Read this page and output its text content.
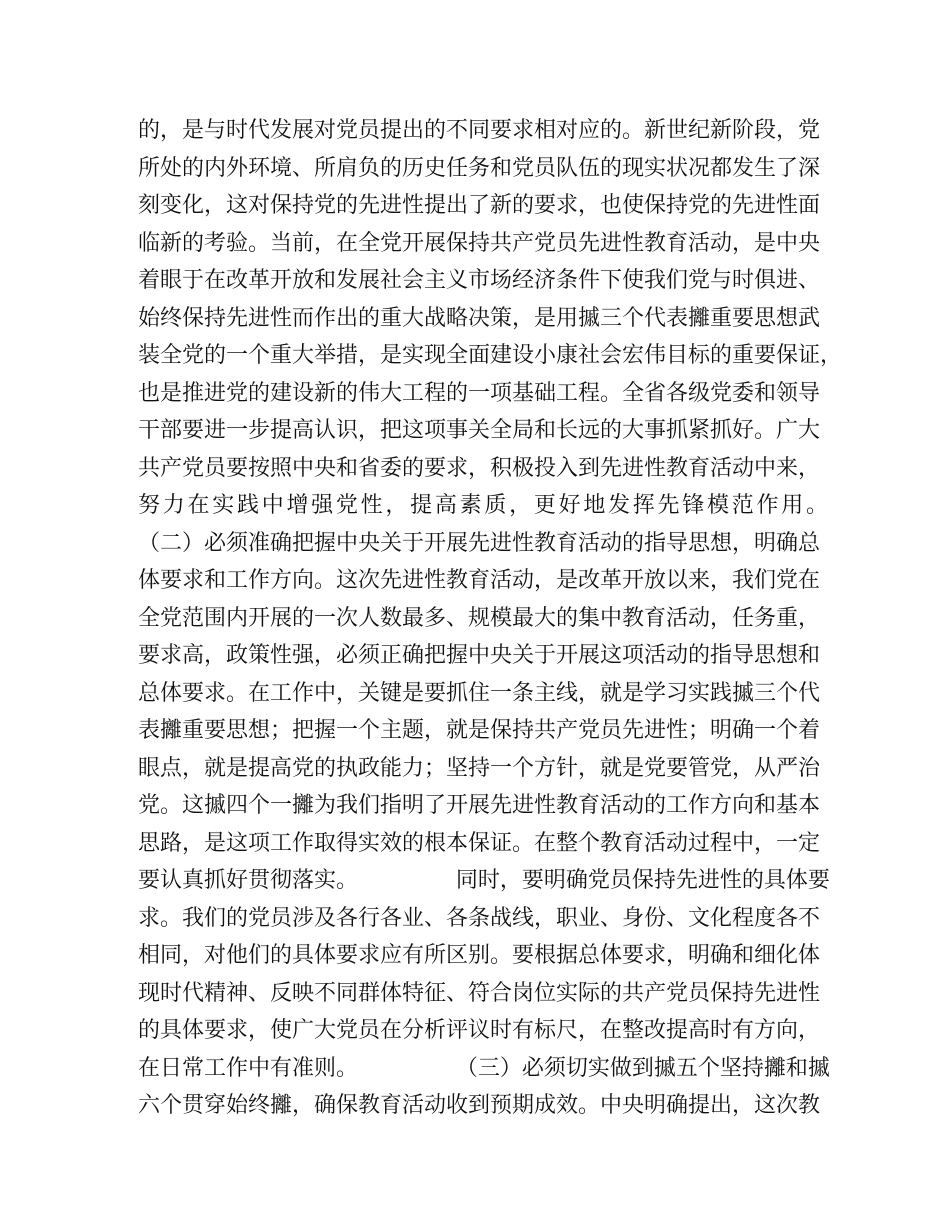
的，是与时代发展对党员提出的不同要求相对应的。新世纪新阶段，党
所处的内外环境、所肩负的历史任务和党员队伍的现实状况都发生了深
刻变化，这对保持党的先进性提出了新的要求，也使保持党的先进性面
临新的考验。当前，在全党开展保持共产党员先进性教育活动，是中央
着眼于在改革开放和发展社会主义市场经济条件下使我们党与时俱进、
始终保持先进性而作出的重大战略决策，是用摵三个代表攡重要思想武
装全党的一个重大举措，是实现全面建设小康社会宏伟目标的重要保证，
也是推进党的建设新的伟大工程的一项基础工程。全省各级党委和领导
干部要进一步提高认识，把这项事关全局和长远的大事抓紧抓好。广大
共产党员要按照中央和省委的要求，积极投入到先进性教育活动中来，
努力在实践中增强党性，提高素质，更好地发挥先锋模范作用。
（二）必须准确把握中央关于开展先进性教育活动的指导思想，明确总
体要求和工作方向。这次先进性教育活动，是改革开放以来，我们党在
全党范围内开展的一次人数最多、规模最大的集中教育活动，任务重，
要求高，政策性强，必须正确把握中央关于开展这项活动的指导思想和
总体要求。在工作中，关键是要抓住一条主线，就是学习实践摵三个代
表攡重要思想；把握一个主题，就是保持共产党员先进性；明确一个着
眼点，就是提高党的执政能力；坚持一个方针，就是党要管党，从严治
党。这摵四个一攡为我们指明了开展先进性教育活动的工作方向和基本
思路，是这项工作取得实效的根本保证。在整个教育活动过程中，一定
要认真抓好贯彻落实。              同时，要明确党员保持先进性的具体要
求。我们的党员涉及各行各业、各条战线，职业、身份、文化程度各不
相同，对他们的具体要求应有所区别。要根据总体要求，明确和细化体
现时代精神、反映不同群体特征、符合岗位实际的共产党员保持先进性
的具体要求，使广大党员在分析评议时有标尺，在整改提高时有方向，
在日常工作中有准则。              （三）必须切实做到摵五个坚持攡和摵
六个贯穿始终攡，确保教育活动收到预期成效。中央明确提出，这次教
